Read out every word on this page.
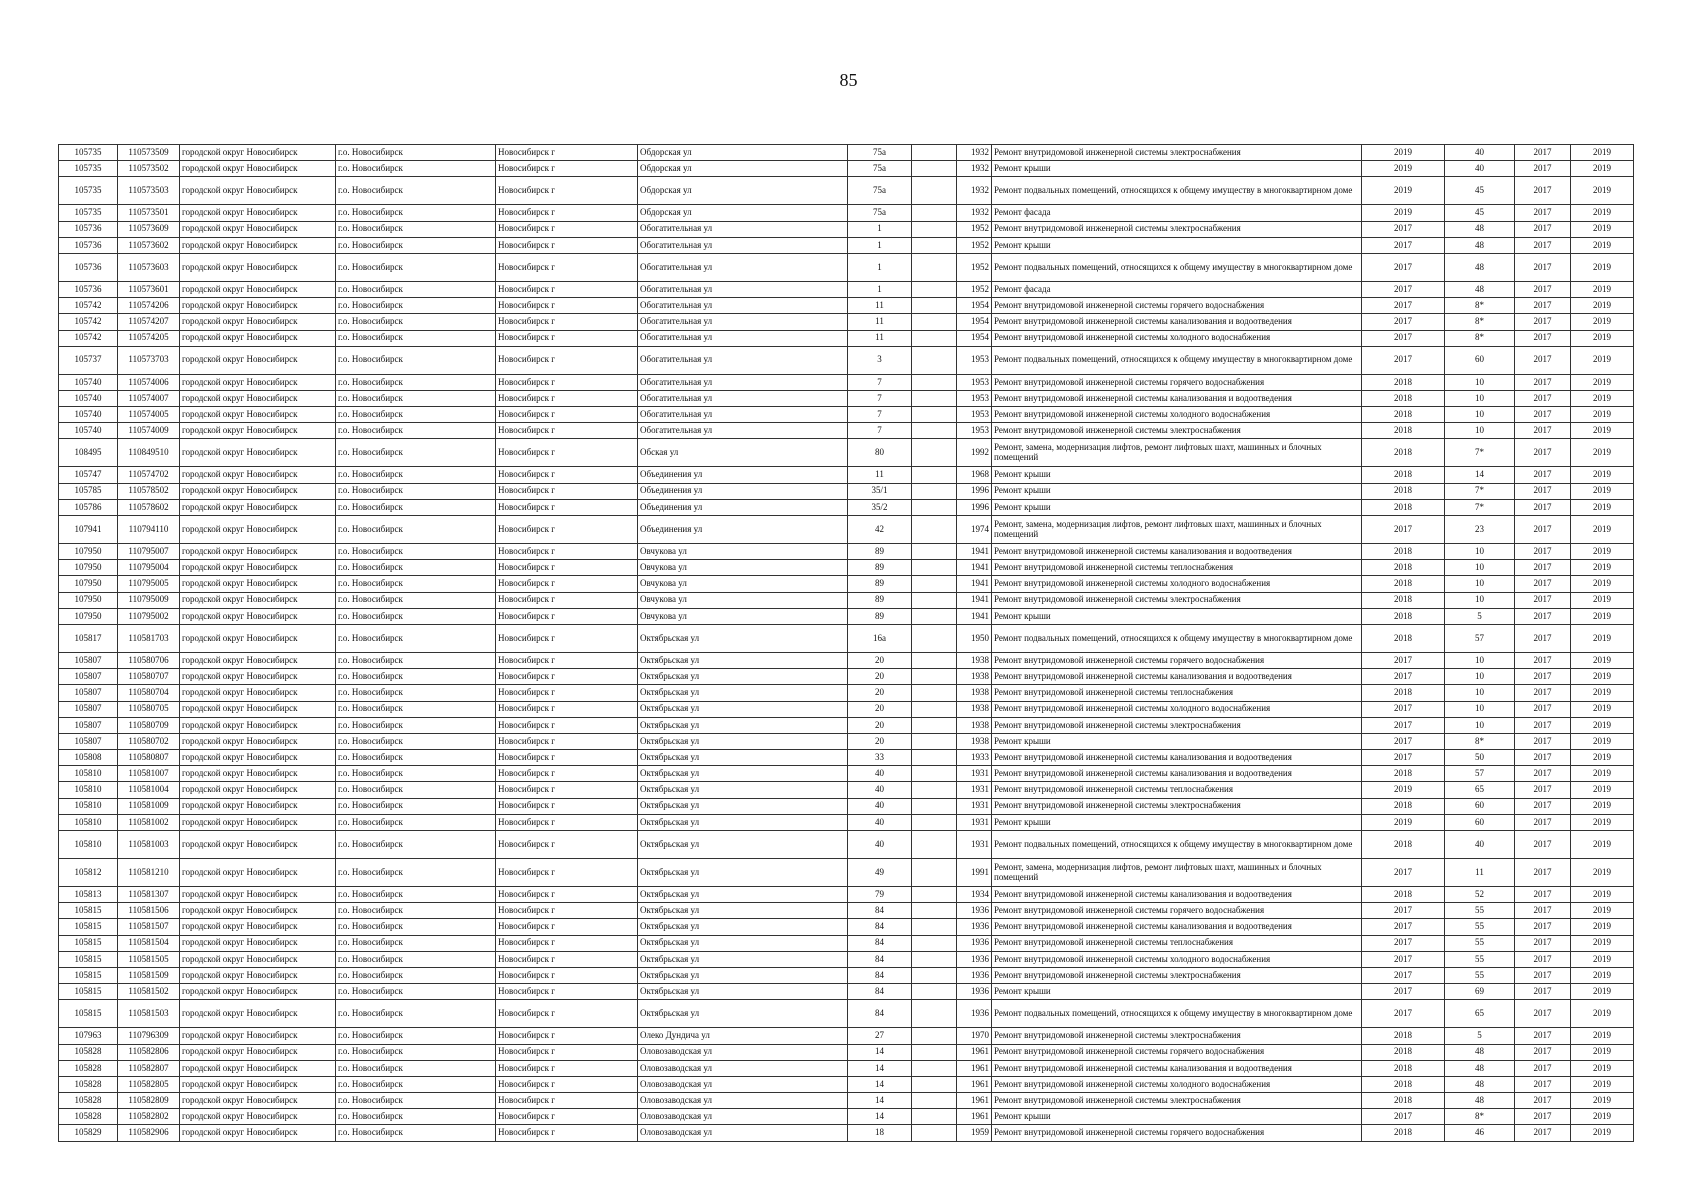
85
105735	110573509	городской округ Новосибирск	г.о. Новосибирск	Новосибирск г	Обдорская ул	75а		1932	Ремонт внутридомовой инженерной системы электроснабжения	2019	40	2017	2019
105735	110573502	городской округ Новосибирск	г.о. Новосибирск	Новосибирск г	Обдорская ул	75а		1932	Ремонт крыши	2019	40	2017	2019
105735	110573503	городской округ Новосибирск	г.о. Новосибирск	Новосибирск г	Обдорская ул	75а		1932	Ремонт подвальных помещений, относящихся к общему имуществу в многоквартирном доме	2019	45	2017	2019
105735	110573501	городской округ Новосибирск	г.о. Новосибирск	Новосибирск г	Обдорская ул	75а		1932	Ремонт фасада	2019	45	2017	2019
105736	110573609	городской округ Новосибирск	г.о. Новосибирск	Новосибирск г	Обогатительная ул	1		1952	Ремонт внутридомовой инженерной системы электроснабжения	2017	48	2017	2019
105736	110573602	городской округ Новосибирск	г.о. Новосибирск	Новосибирск г	Обогатительная ул	1		1952	Ремонт крыши	2017	48	2017	2019
105736	110573603	городской округ Новосибирск	г.о. Новосибирск	Новосибирск г	Обогатительная ул	1		1952	Ремонт подвальных помещений, относящихся к общему имуществу в многоквартирном доме	2017	48	2017	2019
105736	110573601	городской округ Новосибирск	г.о. Новосибирск	Новосибирск г	Обогатительная ул	1		1952	Ремонт фасада	2017	48	2017	2019
105742	110574206	городской округ Новосибирск	г.о. Новосибирск	Новосибирск г	Обогатительная ул	11		1954	Ремонт внутридомовой инженерной системы горячего водоснабжения	2017	8*	2017	2019
105742	110574207	городской округ Новосибирск	г.о. Новосибирск	Новосибирск г	Обогатительная ул	11		1954	Ремонт внутридомовой инженерной системы канализования и водоотведения	2017	8*	2017	2019
105742	110574205	городской округ Новосибирск	г.о. Новосибирск	Новосибирск г	Обогатительная ул	11		1954	Ремонт внутридомовой инженерной системы холодного водоснабжения	2017	8*	2017	2019
105737	110573703	городской округ Новосибирск	г.о. Новосибирск	Новосибирск г	Обогатительная ул	3		1953	Ремонт подвальных помещений, относящихся к общему имуществу в многоквартирном доме	2017	60	2017	2019
105740	110574006	городской округ Новосибирск	г.о. Новосибирск	Новосибирск г	Обогатительная ул	7		1953	Ремонт внутридомовой инженерной системы горячего водоснабжения	2018	10	2017	2019
105740	110574007	городской округ Новосибирск	г.о. Новосибирск	Новосибирск г	Обогатительная ул	7		1953	Ремонт внутридомовой инженерной системы канализования и водоотведения	2018	10	2017	2019
105740	110574005	городской округ Новосибирск	г.о. Новосибирск	Новосибирск г	Обогатительная ул	7		1953	Ремонт внутридомовой инженерной системы холодного водоснабжения	2018	10	2017	2019
105740	110574009	городской округ Новосибирск	г.о. Новосибирск	Новосибирск г	Обогатительная ул	7		1953	Ремонт внутридомовой инженерной системы электроснабжения	2018	10	2017	2019
108495	110849510	городской округ Новосибирск	г.о. Новосибирск	Новосибирск г	Обская ул	80		1992	Ремонт, замена, модернизация лифтов, ремонт лифтовых шахт, машинных и блочных помещений	2018	7*	2017	2019
105747	110574702	городской округ Новосибирск	г.о. Новосибирск	Новосибирск г	Объединения ул	11		1968	Ремонт крыши	2018	14	2017	2019
105785	110578502	городской округ Новосибирск	г.о. Новосибирск	Новосибирск г	Объединения ул	35/1		1996	Ремонт крыши	2018	7*	2017	2019
105786	110578602	городской округ Новосибирск	г.о. Новосибирск	Новосибирск г	Объединения ул	35/2		1996	Ремонт крыши	2018	7*	2017	2019
107941	110794110	городской округ Новосибирск	г.о. Новосибирск	Новосибирск г	Объединения ул	42		1974	Ремонт, замена, модернизация лифтов, ремонт лифтовых шахт, машинных и блочных помещений	2017	23	2017	2019
107950	110795007	городской округ Новосибирск	г.о. Новосибирск	Новосибирск г	Овчукова ул	89		1941	Ремонт внутридомовой инженерной системы канализования и водоотведения	2018	10	2017	2019
107950	110795004	городской округ Новосибирск	г.о. Новосибирск	Новосибирск г	Овчукова ул	89		1941	Ремонт внутридомовой инженерной системы теплоснабжения	2018	10	2017	2019
107950	110795005	городской округ Новосибирск	г.о. Новосибирск	Новосибирск г	Овчукова ул	89		1941	Ремонт внутридомовой инженерной системы холодного водоснабжения	2018	10	2017	2019
107950	110795009	городской округ Новосибирск	г.о. Новосибирск	Новосибирск г	Овчукова ул	89		1941	Ремонт внутридомовой инженерной системы электроснабжения	2018	10	2017	2019
107950	110795002	городской округ Новосибирск	г.о. Новосибирск	Новосибирск г	Овчукова ул	89		1941	Ремонт крыши	2018	5	2017	2019
105817	110581703	городской округ Новосибирск	г.о. Новосибирск	Новосибирск г	Октябрьская ул	16а		1950	Ремонт подвальных помещений, относящихся к общему имуществу в многоквартирном доме	2018	57	2017	2019
105807	110580706	городской округ Новосибирск	г.о. Новосибирск	Новосибирск г	Октябрьская ул	20		1938	Ремонт внутридомовой инженерной системы горячего водоснабжения	2017	10	2017	2019
105807	110580707	городской округ Новосибирск	г.о. Новосибирск	Новосибирск г	Октябрьская ул	20		1938	Ремонт внутридомовой инженерной системы канализования и водоотведения	2017	10	2017	2019
105807	110580704	городской округ Новосибирск	г.о. Новосибирск	Новосибирск г	Октябрьская ул	20		1938	Ремонт внутридомовой инженерной системы теплоснабжения	2018	10	2017	2019
105807	110580705	городской округ Новосибирск	г.о. Новосибирск	Новосибирск г	Октябрьская ул	20		1938	Ремонт внутридомовой инженерной системы холодного водоснабжения	2017	10	2017	2019
105807	110580709	городской округ Новосибирск	г.о. Новосибирск	Новосибирск г	Октябрьская ул	20		1938	Ремонт внутридомовой инженерной системы электроснабжения	2017	10	2017	2019
105807	110580702	городской округ Новосибирск	г.о. Новосибирск	Новосибирск г	Октябрьская ул	20		1938	Ремонт крыши	2017	8*	2017	2019
105808	110580807	городской округ Новосибирск	г.о. Новосибирск	Новосибирск г	Октябрьская ул	33		1933	Ремонт внутридомовой инженерной системы канализования и водоотведения	2017	50	2017	2019
105810	110581007	городской округ Новосибирск	г.о. Новосибирск	Новосибирск г	Октябрьская ул	40		1931	Ремонт внутридомовой инженерной системы канализования и водоотведения	2018	57	2017	2019
105810	110581004	городской округ Новосибирск	г.о. Новосибирск	Новосибирск г	Октябрьская ул	40		1931	Ремонт внутридомовой инженерной системы теплоснабжения	2019	65	2017	2019
105810	110581009	городской округ Новосибирск	г.о. Новосибирск	Новосибирск г	Октябрьская ул	40		1931	Ремонт внутридомовой инженерной системы электроснабжения	2018	60	2017	2019
105810	110581002	городской округ Новосибирск	г.о. Новосибирск	Новосибирск г	Октябрьская ул	40		1931	Ремонт крыши	2019	60	2017	2019
105810	110581003	городской округ Новосибирск	г.о. Новосибирск	Новосибирск г	Октябрьская ул	40		1931	Ремонт подвальных помещений, относящихся к общему имуществу в многоквартирном доме	2018	40	2017	2019
105812	110581210	городской округ Новосибирск	г.о. Новосибирск	Новосибирск г	Октябрьская ул	49		1991	Ремонт, замена, модернизация лифтов, ремонт лифтовых шахт, машинных и блочных помещений	2017	11	2017	2019
105813	110581307	городской округ Новосибирск	г.о. Новосибирск	Новосибирск г	Октябрьская ул	79		1934	Ремонт внутридомовой инженерной системы канализования и водоотведения	2018	52	2017	2019
105815	110581506	городской округ Новосибирск	г.о. Новосибирск	Новосибирск г	Октябрьская ул	84		1936	Ремонт внутридомовой инженерной системы горячего водоснабжения	2017	55	2017	2019
105815	110581507	городской округ Новосибирск	г.о. Новосибирск	Новосибирск г	Октябрьская ул	84		1936	Ремонт внутридомовой инженерной системы канализования и водоотведения	2017	55	2017	2019
105815	110581504	городской округ Новосибирск	г.о. Новосибирск	Новосибирск г	Октябрьская ул	84		1936	Ремонт внутридомовой инженерной системы теплоснабжения	2017	55	2017	2019
105815	110581505	городской округ Новосибирск	г.о. Новосибирск	Новосибирск г	Октябрьская ул	84		1936	Ремонт внутридомовой инженерной системы холодного водоснабжения	2017	55	2017	2019
105815	110581509	городской округ Новосибирск	г.о. Новосибирск	Новосибирск г	Октябрьская ул	84		1936	Ремонт внутридомовой инженерной системы электроснабжения	2017	55	2017	2019
105815	110581502	городской округ Новосибирск	г.о. Новосибирск	Новосибирск г	Октябрьская ул	84		1936	Ремонт крыши	2017	69	2017	2019
105815	110581503	городской округ Новосибирск	г.о. Новосибирск	Новосибирск г	Октябрьская ул	84		1936	Ремонт подвальных помещений, относящихся к общему имуществу в многоквартирном доме	2017	65	2017	2019
107963	110796309	городской округ Новосибирск	г.о. Новосибирск	Новосибирск г	Олеко Дундича ул	27		1970	Ремонт внутридомовой инженерной системы электроснабжения	2018	5	2017	2019
105828	110582806	городской округ Новосибирск	г.о. Новосибирск	Новосибирск г	Оловозаводская ул	14		1961	Ремонт внутридомовой инженерной системы горячего водоснабжения	2018	48	2017	2019
105828	110582807	городской округ Новосибирск	г.о. Новосибирск	Новосибирск г	Оловозаводская ул	14		1961	Ремонт внутридомовой инженерной системы канализования и водоотведения	2018	48	2017	2019
105828	110582805	городской округ Новосибирск	г.о. Новосибирск	Новосибирск г	Оловозаводская ул	14		1961	Ремонт внутридомовой инженерной системы холодного водоснабжения	2018	48	2017	2019
105828	110582809	городской округ Новосибирск	г.о. Новосибирск	Новосибирск г	Оловозаводская ул	14		1961	Ремонт внутридомовой инженерной системы электроснабжения	2018	48	2017	2019
105828	110582802	городской округ Новосибирск	г.о. Новосибирск	Новосибирск г	Оловозаводская ул	14		1961	Ремонт крыши	2017	8*	2017	2019
105829	110582906	городской округ Новосибирск	г.о. Новосибирск	Новосибирск г	Оловозаводская ул	18		1959	Ремонт внутридомовой инженерной системы горячего водоснабжения	2018	46	2017	2019
